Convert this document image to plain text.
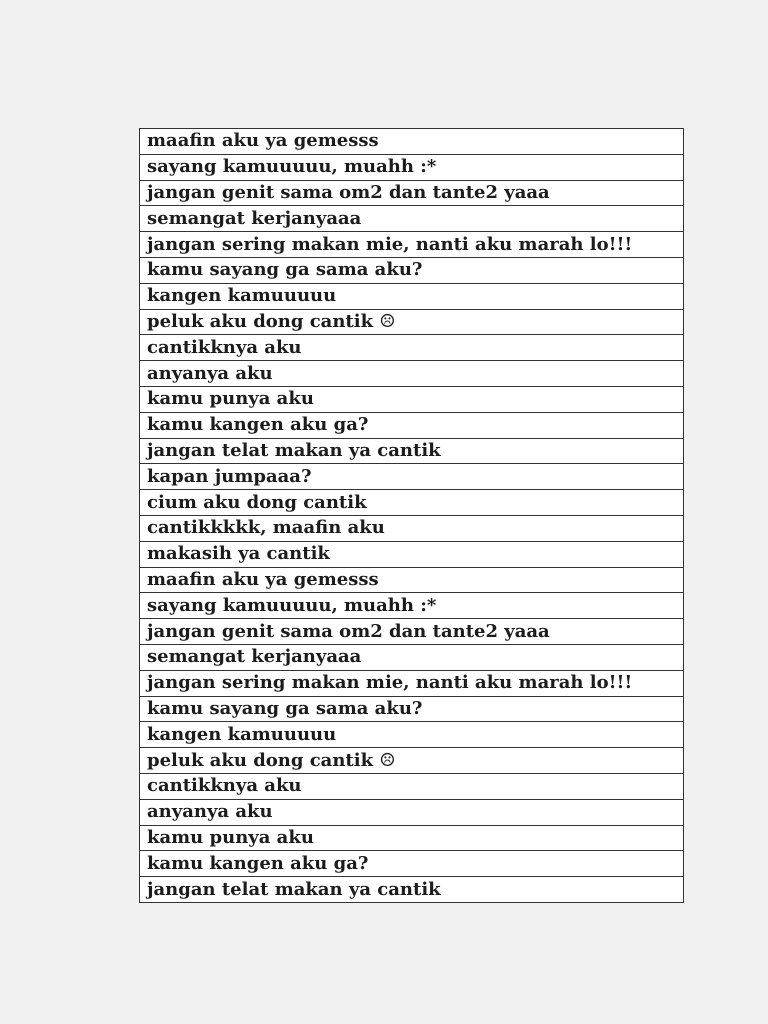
maafin aku ya gemesss
sayang kamuuuuu, muahh :*
jangan genit sama om2 dan tante2 yaaa
semangat kerjanyaaa
jangan sering makan mie, nanti aku marah lo!!!
kamu sayang ga sama aku?
kangen kamuuuuu
peluk aku dong cantik ☹
cantikknya aku
anyanya aku
kamu punya aku
kamu kangen aku ga?
jangan telat makan ya cantik
kapan jumpaaa?
cium aku dong cantik
cantikkkkk, maafin aku
makasih ya cantik
maafin aku ya gemesss
sayang kamuuuuu, muahh :*
jangan genit sama om2 dan tante2 yaaa
semangat kerjanyaaa
jangan sering makan mie, nanti aku marah lo!!!
kamu sayang ga sama aku?
kangen kamuuuuu
peluk aku dong cantik ☹
cantikknya aku
anyanya aku
kamu punya aku
kamu kangen aku ga?
jangan telat makan ya cantik
